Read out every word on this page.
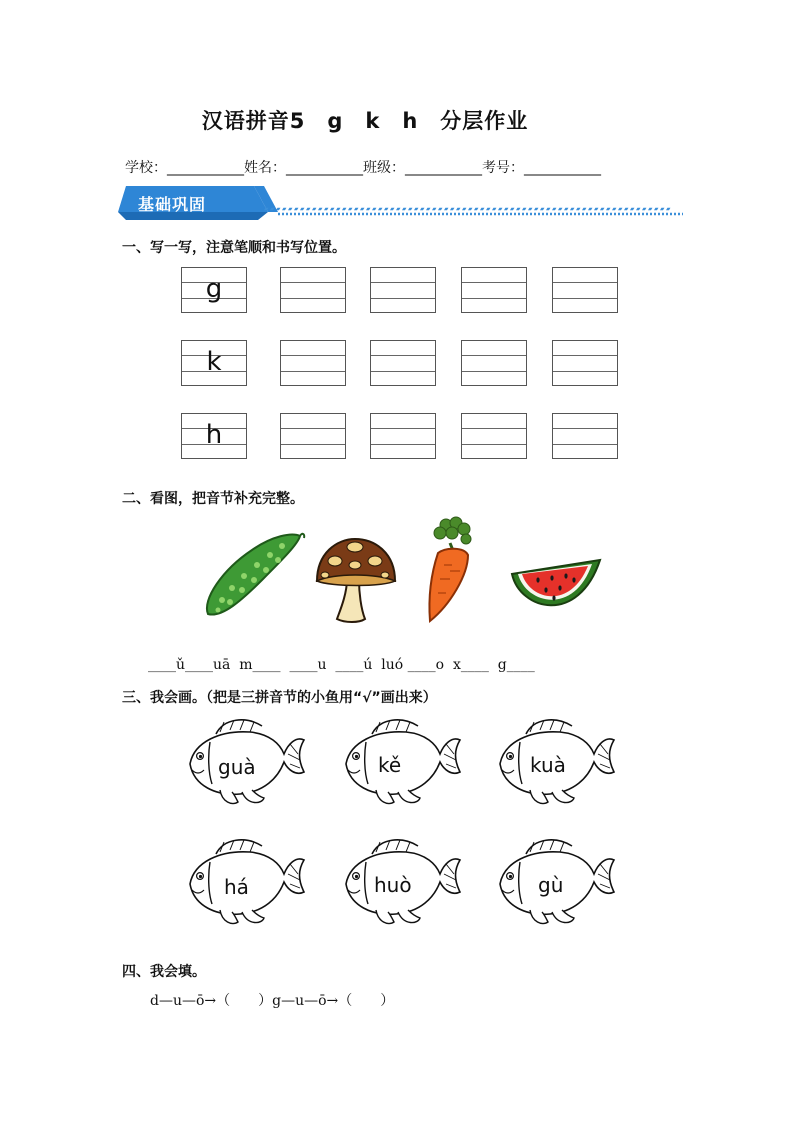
汉语拼音5　g　k　h　分层作业
学校：___________姓名：___________班级：___________考号：___________
基础巩固
一、写一写，注意笔顺和书写位置。
g
k
h
二、看图，把音节补充完整。
____ǔ____uā  m____  ____u  ____ú  luó ____o  x____  g____
三、我会画。（把是三拼音节的小鱼用“√”画出来）
guà	kě	kuà
há	huò	gù
四、我会填。
d—u—ō→（　　）g—u—ō→（　　）
